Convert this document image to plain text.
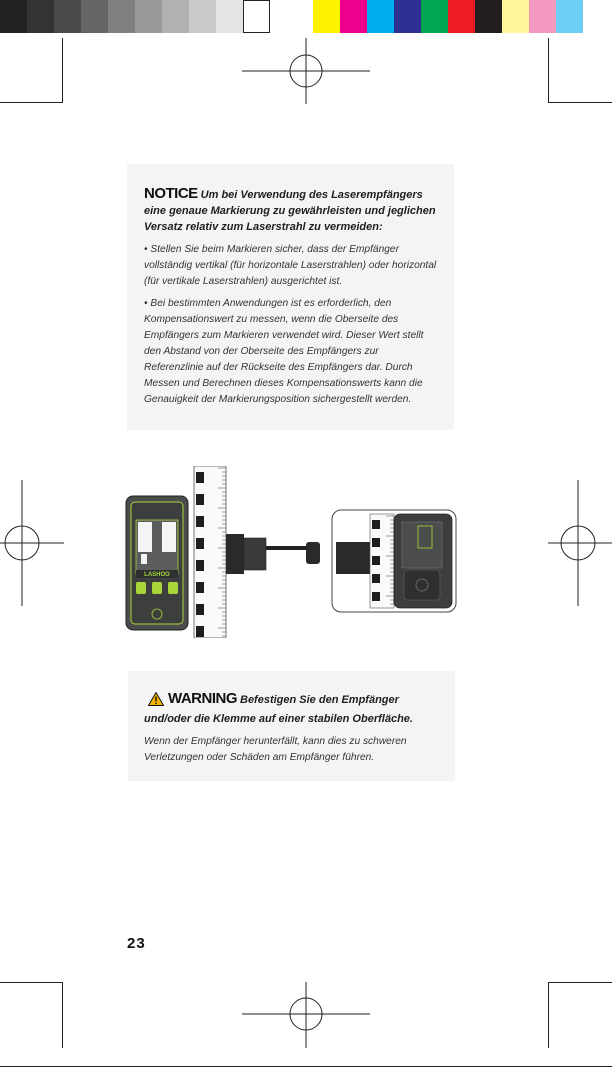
NOTICE Um bei Verwendung des Laserempfängers eine genaue Markierung zu gewährleisten und jeglichen Versatz relativ zum Laserstrahl zu vermeiden:

• Stellen Sie beim Markieren sicher, dass der Empfänger vollständig vertikal (für horizontale Laserstrahlen) oder horizontal (für vertikale Laserstrahlen) ausgerichtet ist.

• Bei bestimmten Anwendungen ist es erforderlich, den Kompensationswert zu messen, wenn die Oberseite des Empfängers zum Markieren verwendet wird. Dieser Wert stellt den Abstand von der Oberseite des Empfängers zur Referenzlinie auf der Rückseite des Empfängers dar. Durch Messen und Berechnen dieses Kompensationswerts kann die Genauigkeit der Markierungsposition sichergestellt werden.

LASHOO

WARNING Befestigen Sie den Empfänger und/oder die Klemme auf einer stabilen Oberfläche.

Wenn der Empfänger herunterfällt, kann dies zu schweren Verletzungen oder Schäden am Empfänger führen.

23
